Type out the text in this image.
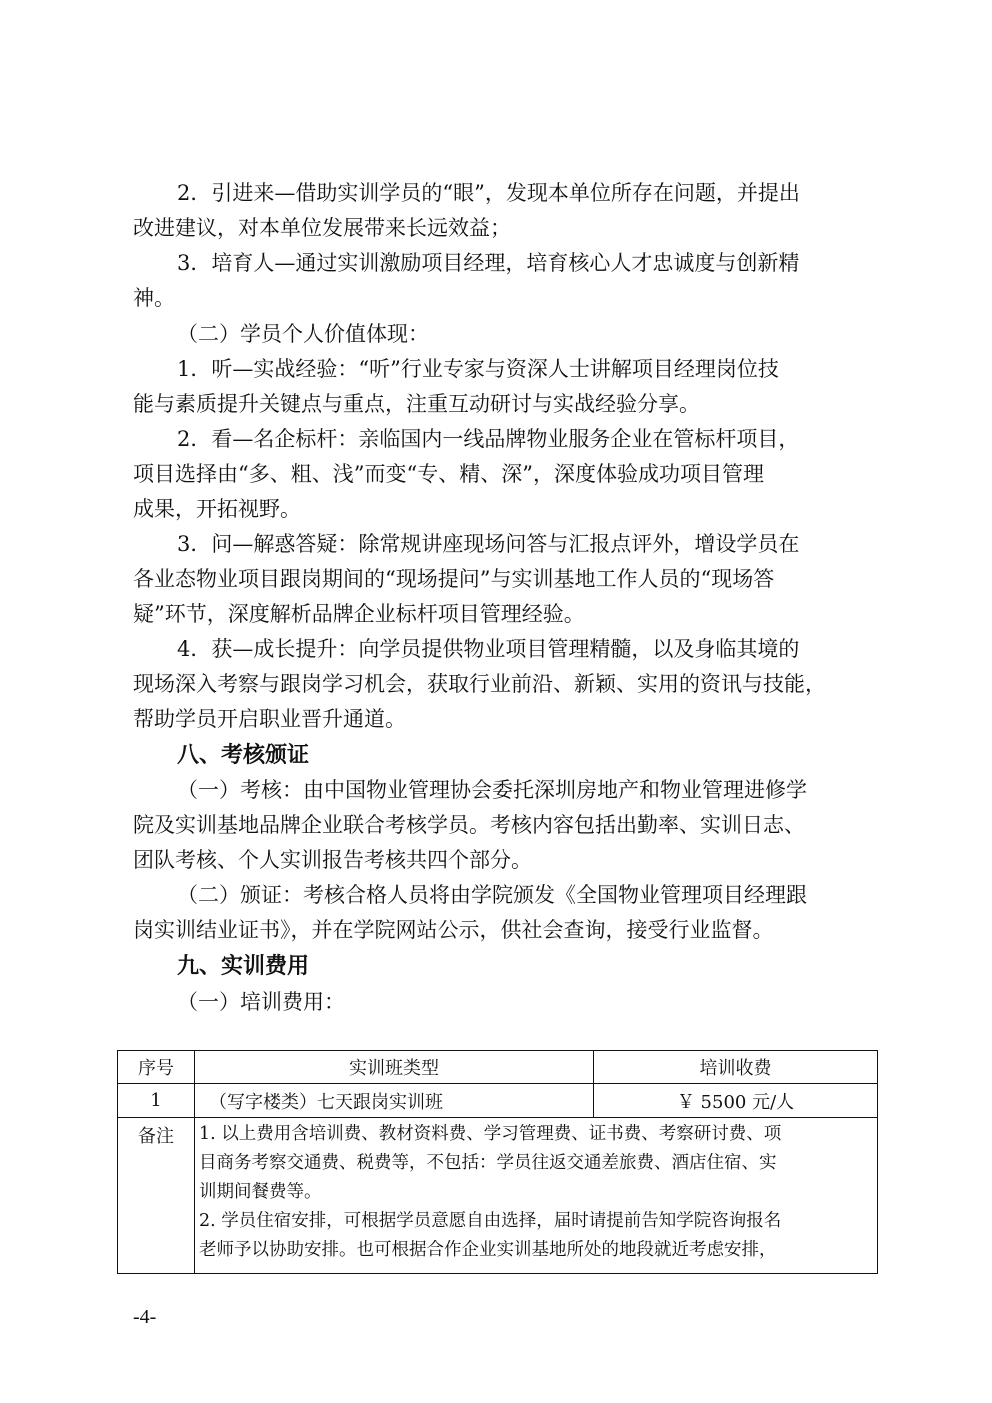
2．引进来—借助实训学员的“眼”，发现本单位所存在问题，并提出
改进建议，对本单位发展带来长远效益；

3．培育人—通过实训激励项目经理，培育核心人才忠诚度与创新精
神。

（二）学员个人价值体现：

1．听—实战经验：“听”行业专家与资深人士讲解项目经理岗位技
能与素质提升关键点与重点，注重互动研讨与实战经验分享。

2．看—名企标杆：亲临国内一线品牌物业服务企业在管标杆项目，
项目选择由“多、粗、浅”而变“专、精、深”，深度体验成功项目管理
成果，开拓视野。

3．问—解惑答疑：除常规讲座现场问答与汇报点评外，增设学员在
各业态物业项目跟岗期间的“现场提问”与实训基地工作人员的“现场答
疑”环节，深度解析品牌企业标杆项目管理经验。

4．获—成长提升：向学员提供物业项目管理精髓，以及身临其境的
现场深入考察与跟岗学习机会，获取行业前沿、新颖、实用的资讯与技能，
帮助学员开启职业晋升通道。

八、考核颁证

（一）考核：由中国物业管理协会委托深圳房地产和物业管理进修学
院及实训基地品牌企业联合考核学员。考核内容包括出勤率、实训日志、
团队考核、个人实训报告考核共四个部分。

（二）颁证：考核合格人员将由学院颁发《全国物业管理项目经理跟
岗实训结业证书》，并在学院网站公示，供社会查询，接受行业监督。

九、实训费用

（一）培训费用：

序号	实训班类型	培训收费
1	（写字楼类）七天跟岗实训班	￥ 5500 元/人
备注	1. 以上费用含培训费、教材资料费、学习管理费、证书费、考察研讨费、项
目商务考察交通费、税费等，不包括：学员往返交通差旅费、酒店住宿、实
训期间餐费等。
2. 学员住宿安排，可根据学员意愿自由选择，届时请提前告知学院咨询报名
老师予以协助安排。也可根据合作企业实训基地所处的地段就近考虑安排，	
-4-
